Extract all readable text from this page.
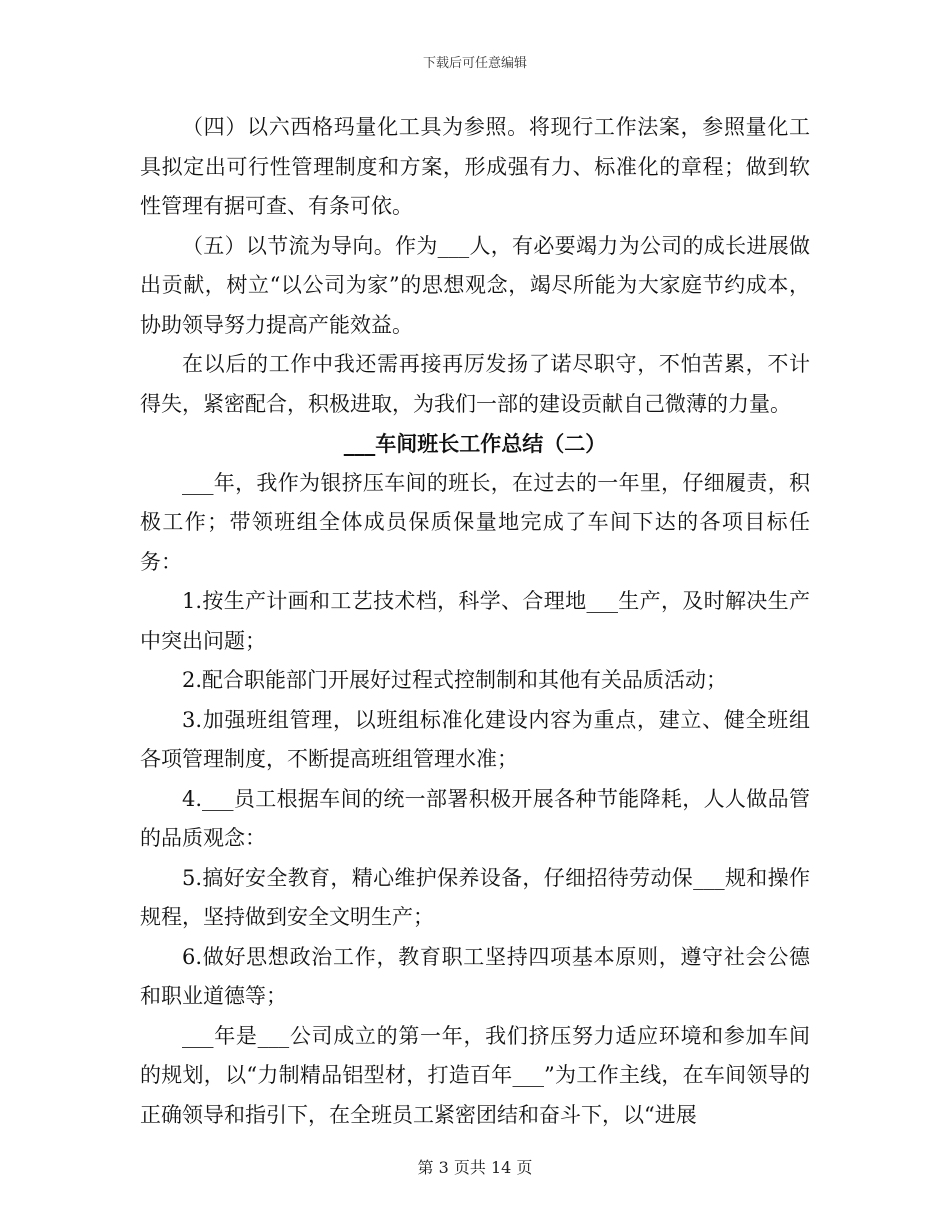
下载后可任意编辑

（四）以六西格玛量化工具为参照。将现行工作法案，参照量化工具拟定出可行性管理制度和方案，形成强有力、标准化的章程；做到软性管理有据可查、有条可依。

（五）以节流为导向。作为___人，有必要竭力为公司的成长进展做出贡献，树立“以公司为家”的思想观念，竭尽所能为大家庭节约成本，协助领导努力提高产能效益。

在以后的工作中我还需再接再厉发扬了诺尽职守，不怕苦累，不计得失，紧密配合，积极进取，为我们一部的建设贡献自己微薄的力量。

___车间班长工作总结（二）

___年，我作为银挤压车间的班长，在过去的一年里，仔细履责，积极工作；带领班组全体成员保质保量地完成了车间下达的各项目标任务：

1.按生产计画和工艺技术档，科学、合理地___生产，及时解决生产中突出问题；

2.配合职能部门开展好过程式控制制和其他有关品质活动；

3.加强班组管理，以班组标准化建设内容为重点，建立、健全班组各项管理制度，不断提高班组管理水准；

4.___员工根据车间的统一部署积极开展各种节能降耗，人人做品管的品质观念：

5.搞好安全教育，精心维护保养设备，仔细招待劳动保___规和操作规程，坚持做到安全文明生产；

6.做好思想政治工作，教育职工坚持四项基本原则，遵守社会公德和职业道德等；

___年是___公司成立的第一年，我们挤压努力适应环境和参加车间的规划，以“力制精品铝型材，打造百年___”为工作主线，在车间领导的正确领导和指引下，在全班员工紧密团结和奋斗下，以“进展

第 3 页共 14 页
